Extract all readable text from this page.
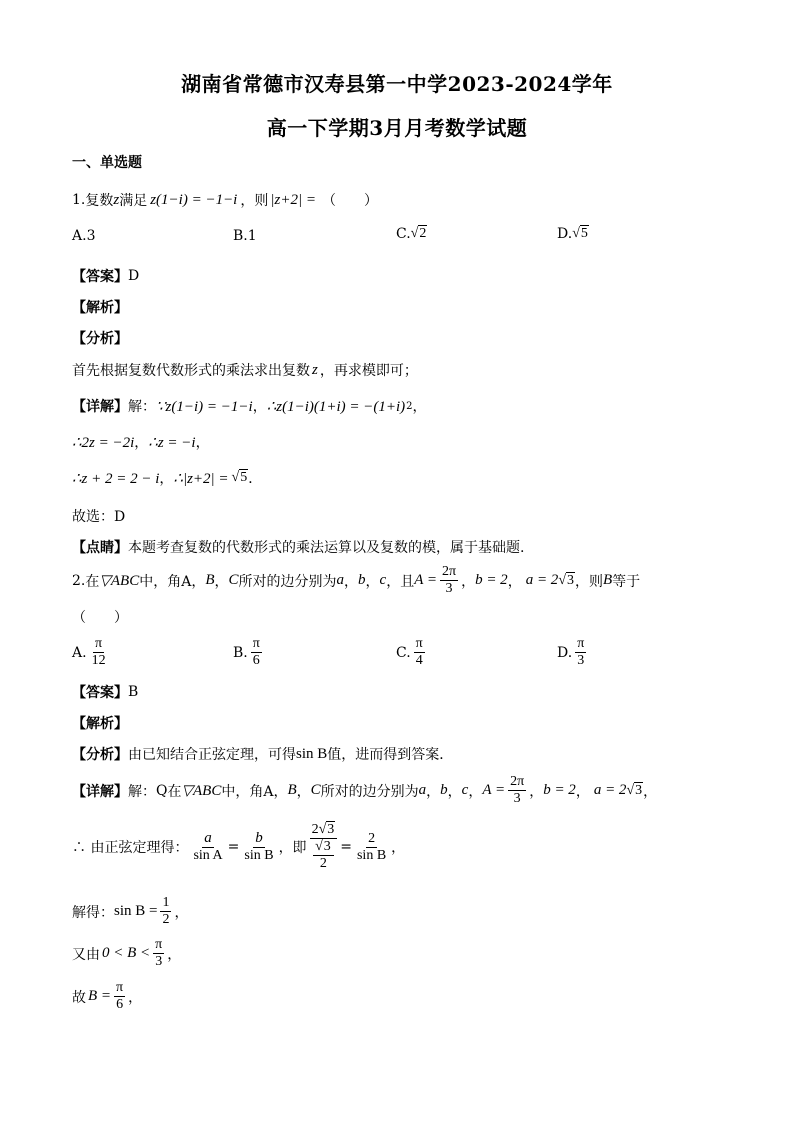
湖南省常德市汉寿县第一中学2023-2024学年
高一下学期3月月考数学试题
一、单选题
1. 复数 z 满足 z(1−i) = −1−i ，则 |z+2| = （　　）
A. 3	B. 1	C. √2	D. √5
【答案】 D
【解析】
【分析】
首先根据复数代数形式的乘法求出复数 z ，再求模即可；
【详解】 解： ∵z(1−i) = −1−i ， ∴z(1−i)(1+i) = −(1+i) 2 ，
∴2z = −2i ， ∴z = −i ，
∴z + 2 = 2 − i ， ∴|z+2| = √5 ．
故选：D
【点睛】 本题考查复数的代数形式的乘法运算以及复数的模，属于基础题.
2. 在 ▽ABC 中，角A， B ， C 所对的边分别为 a ， b ， c ，且 $A = \frac{2\pi}{3}$ ， b = 2 ， a = 2 √3 ，则 B 等于
（　　）
A. $\frac{\pi}{12}$	B. $\frac{\pi}{6}$	C. $\frac{\pi}{4}$	D. $\frac{\pi}{3}$
【答案】 B
【解析】
【分析】 由已知结合正弦定理，可得 sin B 值，进而得到答案．
【详解】 解： Q 在 ▽ABC 中，角A， B ， C 所对的边分别为 a ， b ， c ， $A = \frac{2\pi}{3}$ ， b = 2 ， a = 2 √3 ，
∴ 由正弦定理得： $\frac{a}{\text{sin A}} = \frac{b}{\text{sin B}}$ ，即 $\frac{2√3}{\frac{√3}{2}} = \frac{2}{\text{sin B}}$ ，
解得： $\sin B = \frac{1}{2}$ ，
又由 $0 < B < \frac{\pi}{3}$ ，
故 $B = \frac{\pi}{6}$ ，
